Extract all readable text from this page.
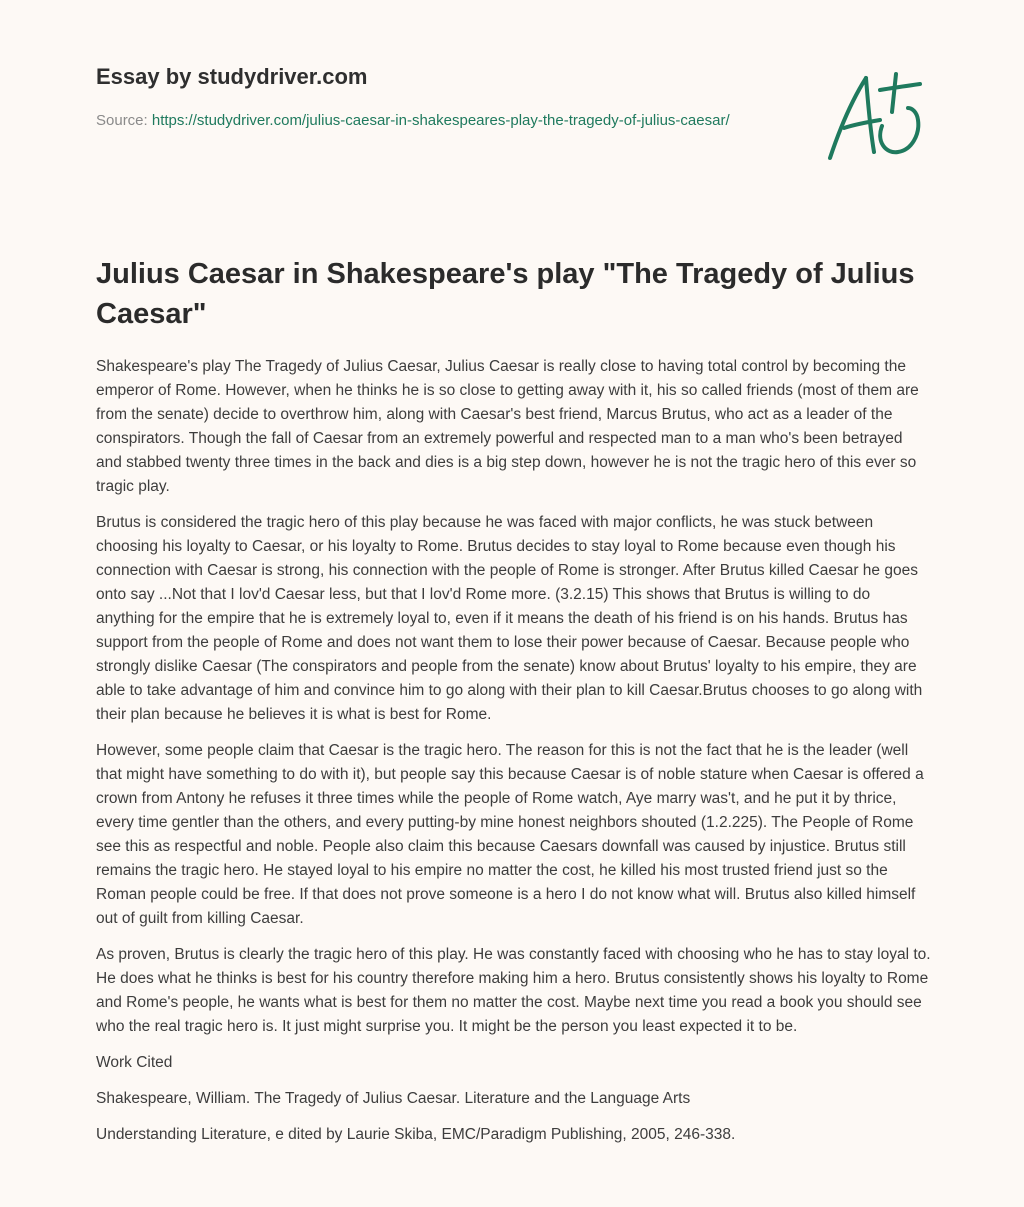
Essay by studydriver.com
Source: https://studydriver.com/julius-caesar-in-shakespeares-play-the-tragedy-of-julius-caesar/
Julius Caesar in Shakespeare's play "The Tragedy of Julius Caesar"

Shakespeare's play The Tragedy of Julius Caesar, Julius Caesar is really close to having total control by becoming the emperor of Rome. However, when he thinks he is so close to getting away with it, his so called friends (most of them are from the senate) decide to overthrow him, along with Caesar's best friend, Marcus Brutus, who act as a leader of the conspirators. Though the fall of Caesar from an extremely powerful and respected man to a man who's been betrayed and stabbed twenty three times in the back and dies is a big step down, however he is not the tragic hero of this ever so tragic play.

Brutus is considered the tragic hero of this play because he was faced with major conflicts, he was stuck between choosing his loyalty to Caesar, or his loyalty to Rome. Brutus decides to stay loyal to Rome because even though his connection with Caesar is strong, his connection with the people of Rome is stronger. After Brutus killed Caesar he goes onto say ...Not that I lov'd Caesar less, but that I lov'd Rome more. (3.2.15) This shows that Brutus is willing to do anything for the empire that he is extremely loyal to, even if it means the death of his friend is on his hands. Brutus has support from the people of Rome and does not want them to lose their power because of Caesar. Because people who strongly dislike Caesar (The conspirators and people from the senate) know about Brutus' loyalty to his empire, they are able to take advantage of him and convince him to go along with their plan to kill Caesar.Brutus chooses to go along with their plan because he believes it is what is best for Rome.

However, some people claim that Caesar is the tragic hero. The reason for this is not the fact that he is the leader (well that might have something to do with it), but people say this because Caesar is of noble stature when Caesar is offered a crown from Antony he refuses it three times while the people of Rome watch, Aye marry was't, and he put it by thrice, every time gentler than the others, and every putting-by mine honest neighbors shouted (1.2.225). The People of Rome see this as respectful and noble. People also claim this because Caesars downfall was caused by injustice. Brutus still remains the tragic hero. He stayed loyal to his empire no matter the cost, he killed his most trusted friend just so the Roman people could be free. If that does not prove someone is a hero I do not know what will. Brutus also killed himself out of guilt from killing Caesar.

As proven, Brutus is clearly the tragic hero of this play. He was constantly faced with choosing who he has to stay loyal to. He does what he thinks is best for his country therefore making him a hero. Brutus consistently shows his loyalty to Rome and Rome's people, he wants what is best for them no matter the cost. Maybe next time you read a book you should see who the real tragic hero is. It just might surprise you. It might be the person you least expected it to be.

Work Cited

Shakespeare, William. The Tragedy of Julius Caesar. Literature and the Language Arts

Understanding Literature, e dited by Laurie Skiba, EMC/Paradigm Publishing, 2005, 246-338.
